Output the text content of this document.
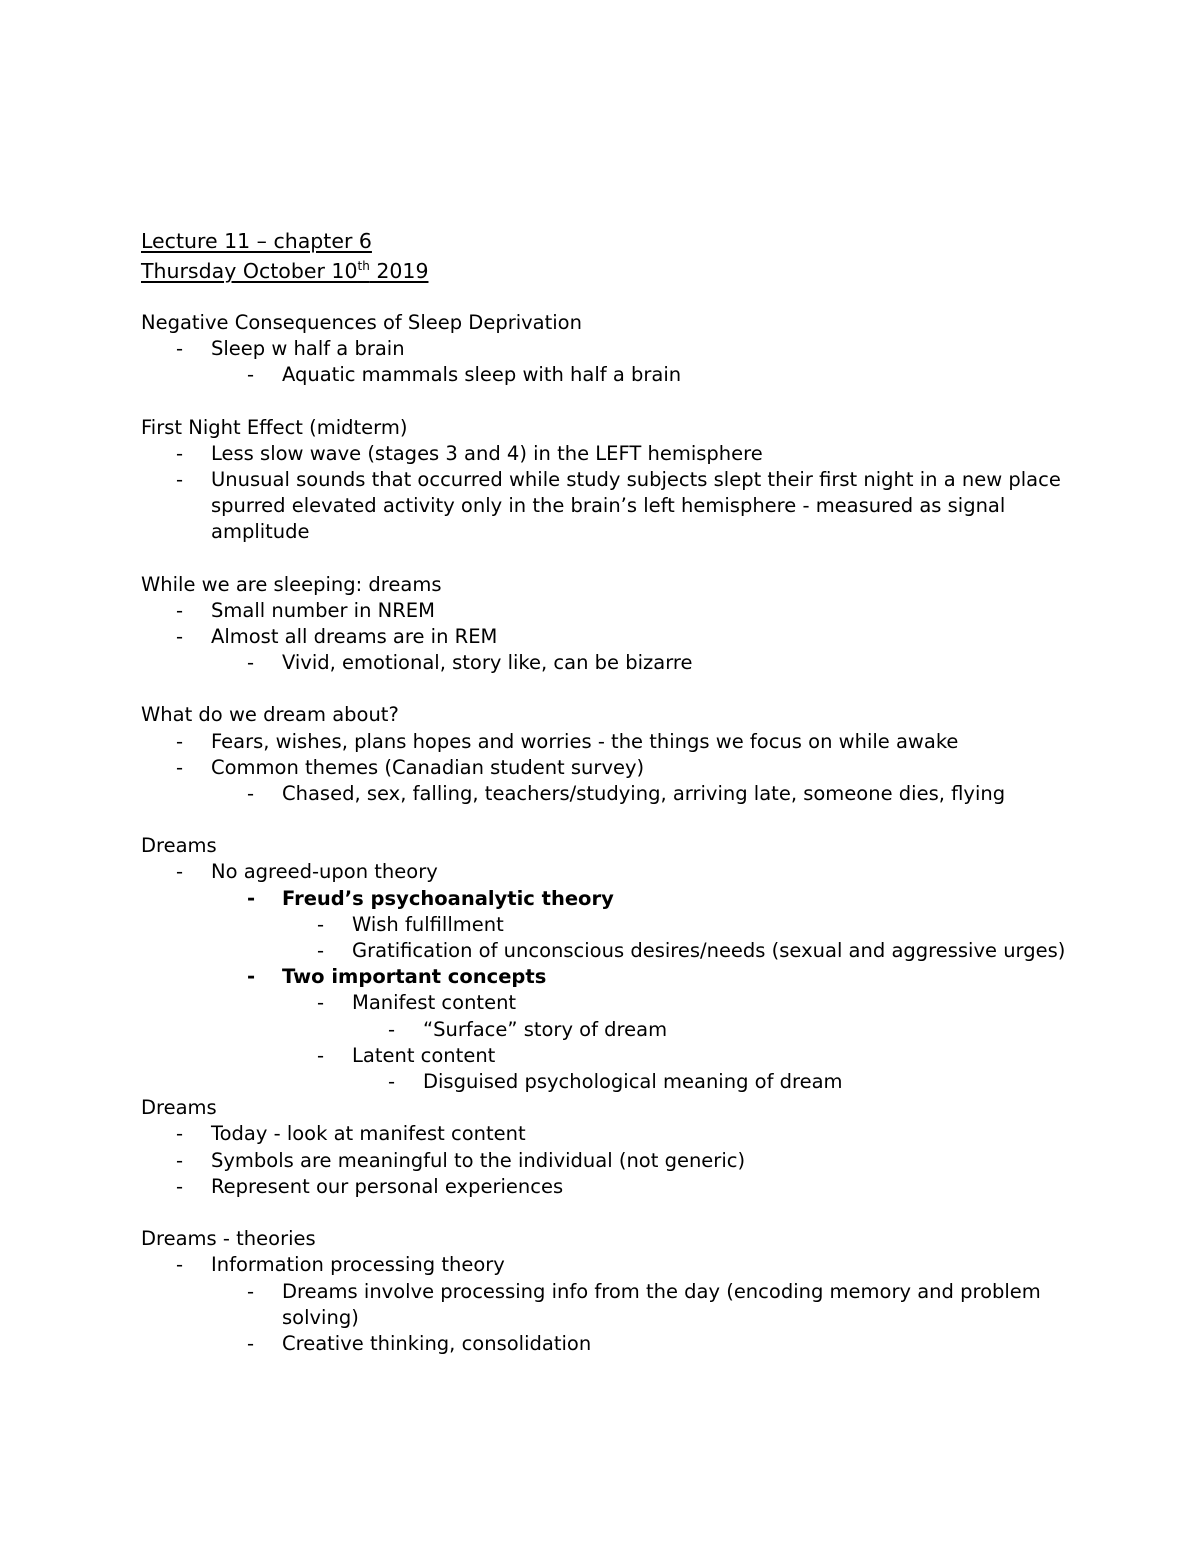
Lecture 11 – chapter 6
Thursday October 10th 2019
Negative Consequences of Sleep Deprivation
- Sleep w half a brain
- Aquatic mammals sleep with half a brain
First Night Effect (midterm)
- Less slow wave (stages 3 and 4) in the LEFT hemisphere
- Unusual sounds that occurred while study subjects slept their first night in a new place spurred elevated activity only in the brain’s left hemisphere - measured as signal amplitude
While we are sleeping: dreams
- Small number in NREM
- Almost all dreams are in REM
- Vivid, emotional, story like, can be bizarre
What do we dream about?
- Fears, wishes, plans hopes and worries - the things we focus on while awake
- Common themes (Canadian student survey)
- Chased, sex, falling, teachers/studying, arriving late, someone dies, flying
Dreams
- No agreed-upon theory
- Freud’s psychoanalytic theory
- Wish fulfillment
- Gratification of unconscious desires/needs (sexual and aggressive urges)
- Two important concepts
- Manifest content
- “Surface” story of dream
- Latent content
- Disguised psychological meaning of dream
Dreams
- Today - look at manifest content
- Symbols are meaningful to the individual (not generic)
- Represent our personal experiences
Dreams - theories
- Information processing theory
- Dreams involve processing info from the day (encoding memory and problem solving)
- Creative thinking, consolidation
